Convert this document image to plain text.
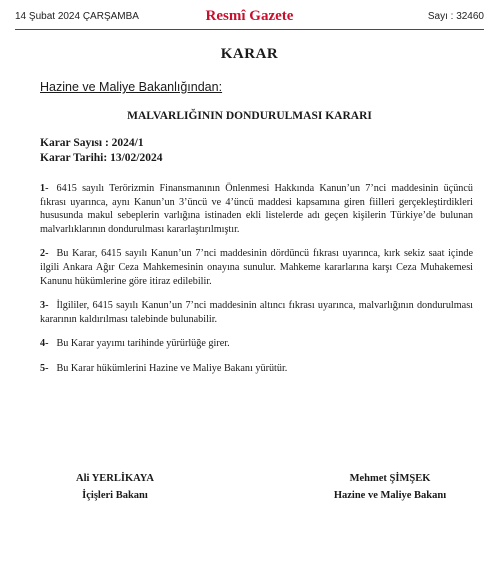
14 Şubat 2024 ÇARŞAMBA	Resmî Gazete	Sayı : 32460
KARAR
Hazine ve Maliye Bakanlığından:
MALVARLIĞININ DONDURULMASI KARARI
Karar Sayısı : 2024/1
Karar Tarihi: 13/02/2024

1- 6415 sayılı Terörizmin Finansmanının Önlenmesi Hakkında Kanun’un 7’nci maddesinin üçüncü fıkrası uyarınca, aynı Kanun’un 3’üncü ve 4’üncü maddesi kapsamına giren fiilleri gerçekleştirdikleri hususunda makul sebeplerin varlığına istinaden ekli listelerde adı geçen kişilerin Türkiye’de bulunan malvarlıklarının dondurulması kararlaştırılmıştır.

2- Bu Karar, 6415 sayılı Kanun’un 7’nci maddesinin dördüncü fıkrası uyarınca, kırk sekiz saat içinde ilgili Ankara Ağır Ceza Mahkemesinin onayına sunulur. Mahkeme kararlarına karşı Ceza Muhakemesi Kanunu hükümlerine göre itiraz edilebilir.

3- İlgililer, 6415 sayılı Kanun’un 7’nci maddesinin altıncı fıkrası uyarınca, malvarlığının dondurulması kararının kaldırılması talebinde bulunabilir.

4- Bu Karar yayımı tarihinde yürürlüğe girer.

5- Bu Karar hükümlerini Hazine ve Maliye Bakanı yürütür.

Ali YERLİKAYA
İçişleri Bakanı
Mehmet ŞİMŞEK
Hazine ve Maliye Bakanı
